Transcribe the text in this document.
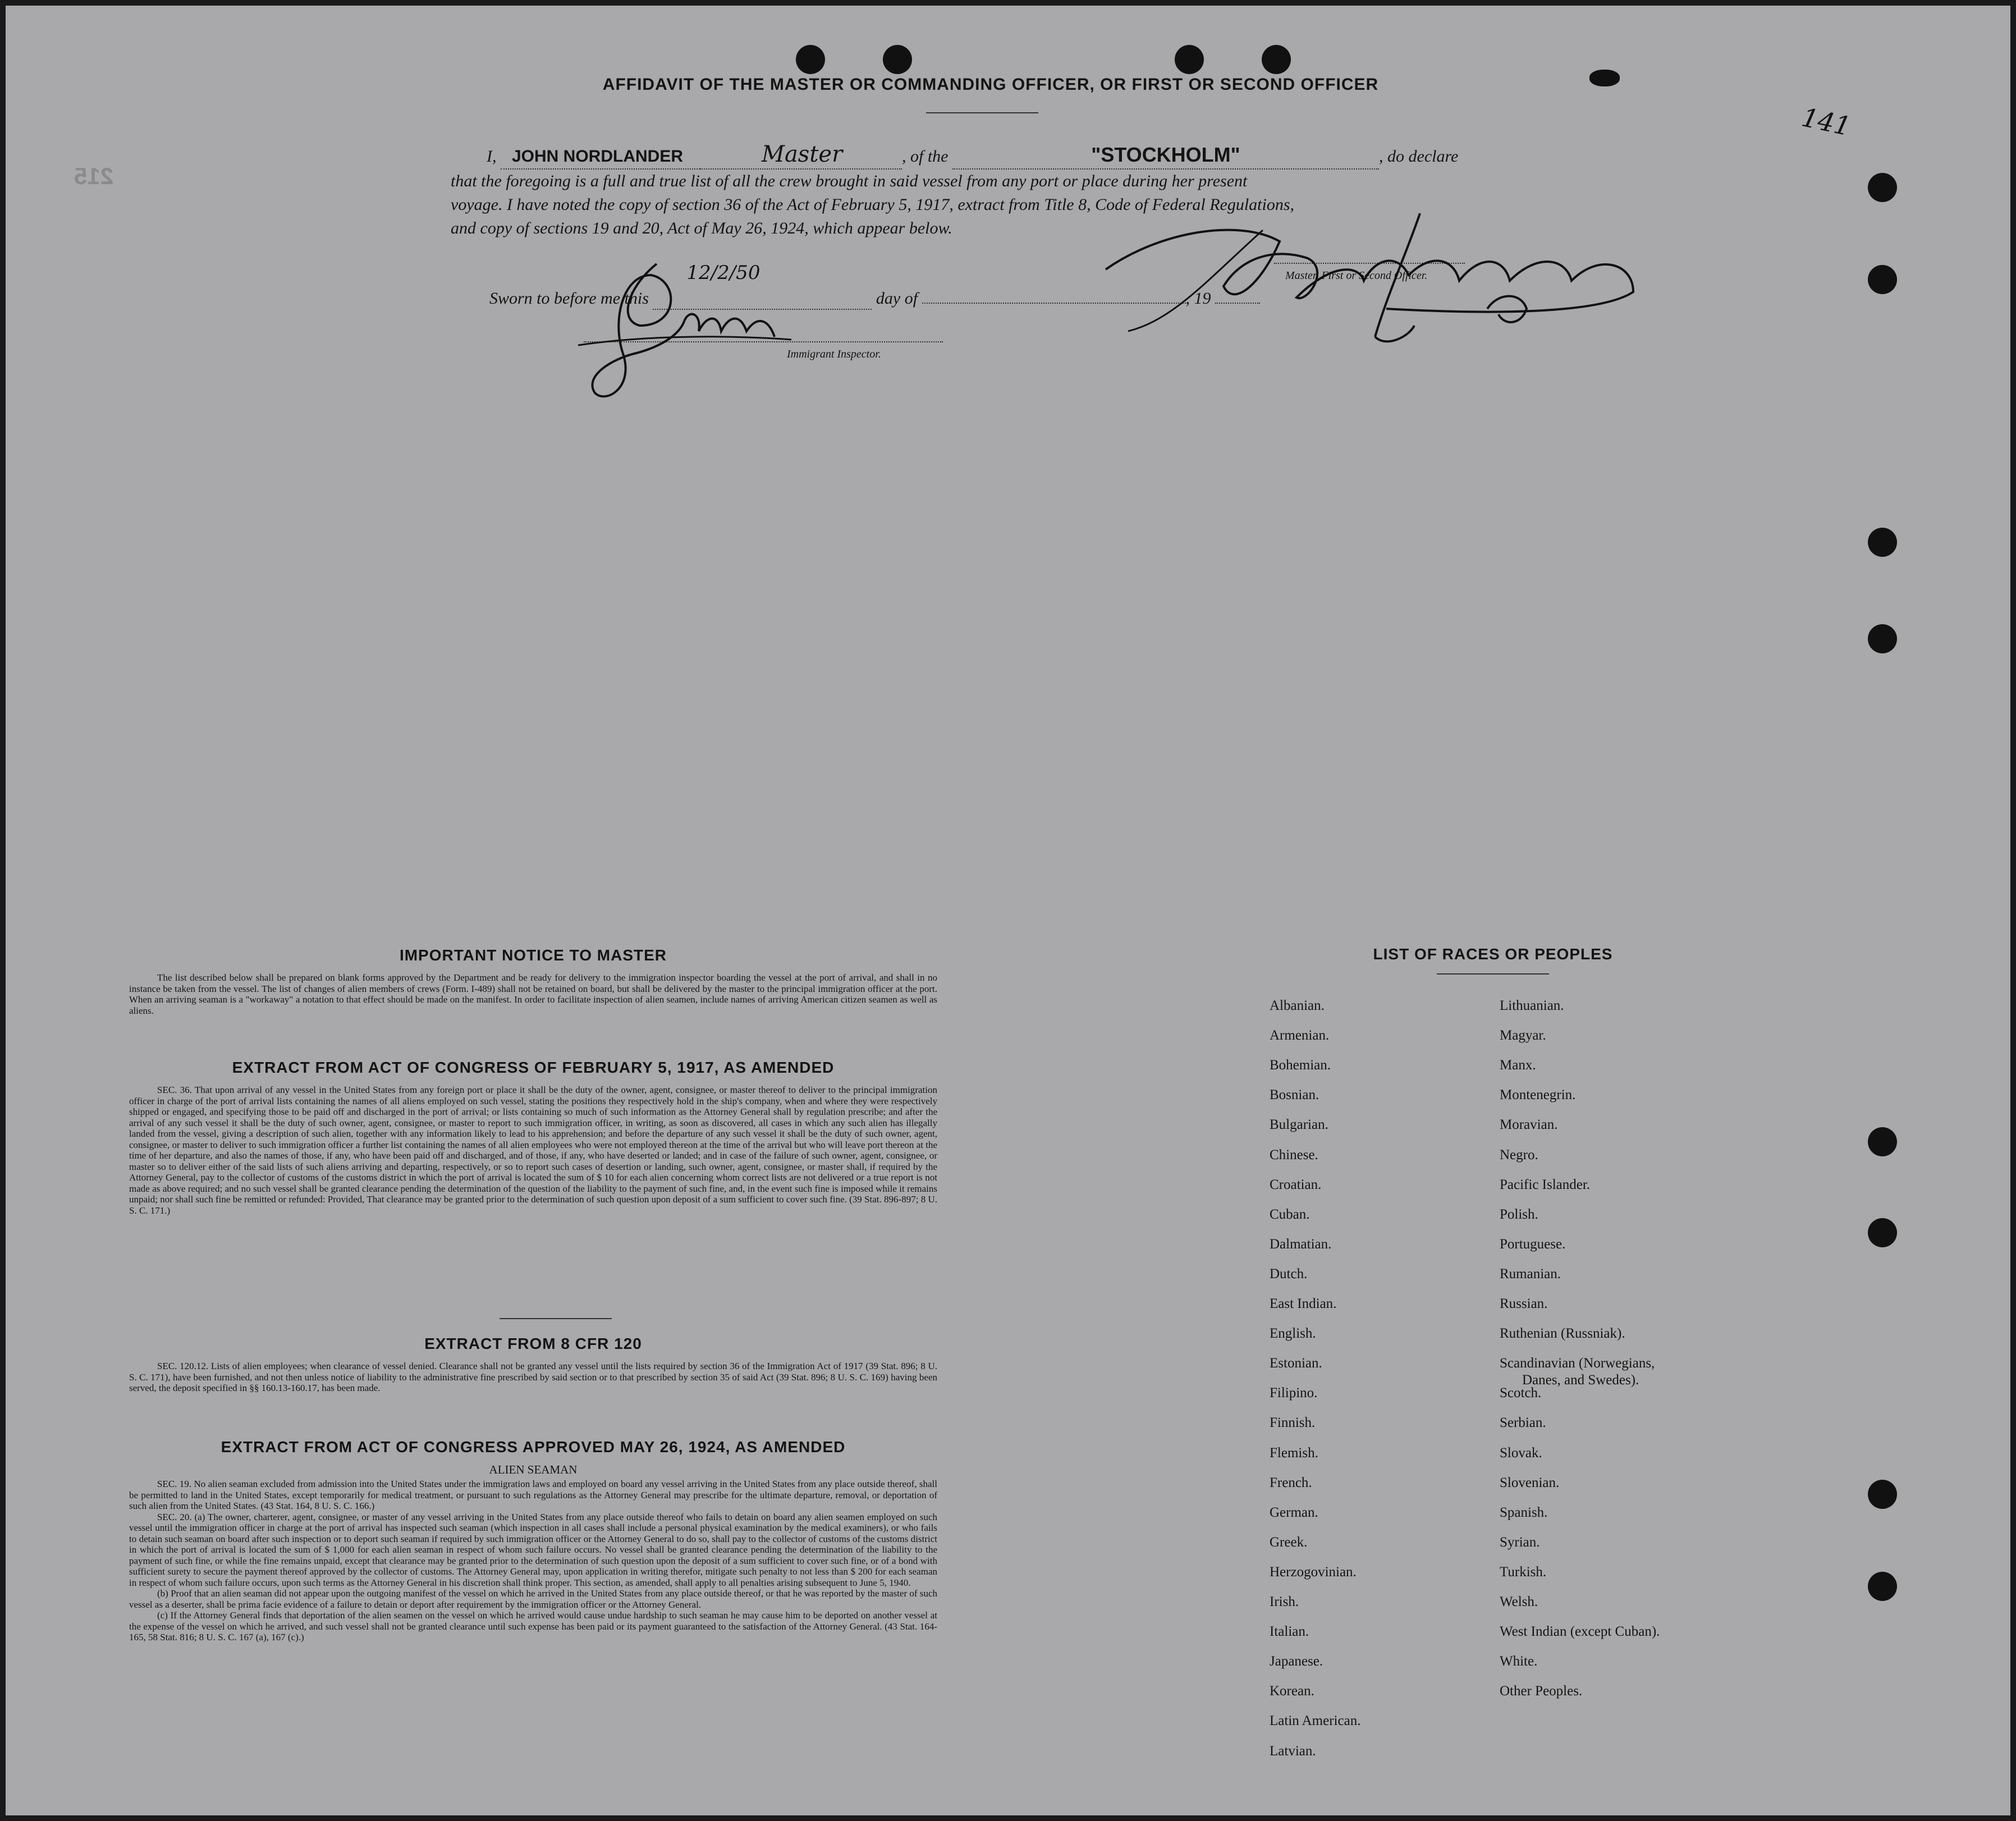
215
141
AFFIDAVIT OF THE MASTER OR COMMANDING OFFICER, OR FIRST OR SECOND OFFICER
I, JOHN NORDLANDER	Master	, of the	"STOCKHOLM"	, do declare
that the foregoing is a full and true list of all the crew brought in said vessel from any port or place during her present
voyage. I have noted the copy of section 36 of the Act of February 5, 1917, extract from Title 8, Code of Federal Regulations,
and copy of sections 19 and 20, Act of May 26, 1924, which appear below.
Sworn to before me this 12/2/50 day of	, 19
Master, First or Second Officer.
Immigrant Inspector.
IMPORTANT NOTICE TO MASTER
The list described below shall be prepared on blank forms approved by the Department and be ready for delivery to the immigration inspector boarding the vessel at the port of arrival, and shall in no instance be taken from the vessel. The list of changes of alien members of crews (Form. I-489) shall not be retained on board, but shall be delivered by the master to the principal immigration officer at the port. When an arriving seaman is a "workaway" a notation to that effect should be made on the manifest. In order to facilitate inspection of alien seamen, include names of arriving American citizen seamen as well as aliens.
EXTRACT FROM ACT OF CONGRESS OF FEBRUARY 5, 1917, AS AMENDED
SEC. 36. That upon arrival of any vessel in the United States from any foreign port or place it shall be the duty of the owner, agent, consignee, or master thereof to deliver to the principal immigration officer in charge of the port of arrival lists containing the names of all aliens employed on such vessel, stating the positions they respectively hold in the ship's company, when and where they were respectively shipped or engaged, and specifying those to be paid off and discharged in the port of arrival; or lists containing so much of such information as the Attorney General shall by regulation prescribe; and after the arrival of any such vessel it shall be the duty of such owner, agent, consignee, or master to report to such immigration officer, in writing, as soon as discovered, all cases in which any such alien has illegally landed from the vessel, giving a description of such alien, together with any information likely to lead to his apprehension; and before the departure of any such vessel it shall be the duty of such owner, agent, consignee, or master to deliver to such immigration officer a further list containing the names of all alien employees who were not employed thereon at the time of the arrival but who will leave port thereon at the time of her departure, and also the names of those, if any, who have been paid off and discharged, and of those, if any, who have deserted or landed; and in case of the failure of such owner, agent, consignee, or master so to deliver either of the said lists of such aliens arriving and departing, respectively, or so to report such cases of desertion or landing, such owner, agent, consignee, or master shall, if required by the Attorney General, pay to the collector of customs of the customs district in which the port of arrival is located the sum of $ 10 for each alien concerning whom correct lists are not delivered or a true report is not made as above required; and no such vessel shall be granted clearance pending the determination of the question of the liability to the payment of such fine, and, in the event such fine is imposed while it remains unpaid; nor shall such fine be remitted or refunded: Provided, That clearance may be granted prior to the determination of such question upon deposit of a sum sufficient to cover such fine. (39 Stat. 896-897; 8 U. S. C. 171.)
EXTRACT FROM 8 CFR 120
SEC. 120.12. Lists of alien employees; when clearance of vessel denied. Clearance shall not be granted any vessel until the lists required by section 36 of the Immigration Act of 1917 (39 Stat. 896; 8 U. S. C. 171), have been furnished, and not then unless notice of liability to the administrative fine prescribed by said section or to that prescribed by section 35 of said Act (39 Stat. 896; 8 U. S. C. 169) having been served, the deposit specified in §§ 160.13-160.17, has been made.
EXTRACT FROM ACT OF CONGRESS APPROVED MAY 26, 1924, AS AMENDED
ALIEN SEAMAN
SEC. 19. No alien seaman excluded from admission into the United States under the immigration laws and employed on board any vessel arriving in the United States from any place outside thereof, shall be permitted to land in the United States, except temporarily for medical treatment, or pursuant to such regulations as the Attorney General may prescribe for the ultimate departure, removal, or deportation of such alien from the United States. (43 Stat. 164, 8 U. S. C. 166.)
SEC. 20. (a) The owner, charterer, agent, consignee, or master of any vessel arriving in the United States from any place outside thereof who fails to detain on board any alien seamen employed on such vessel until the immigration officer in charge at the port of arrival has inspected such seaman (which inspection in all cases shall include a personal physical examination by the medical examiners), or who fails to detain such seaman on board after such inspection or to deport such seaman if required by such immigration officer or the Attorney General to do so, shall pay to the collector of customs of the customs district in which the port of arrival is located the sum of $ 1,000 for each alien seaman in respect of whom such failure occurs. No vessel shall be granted clearance pending the determination of the liability to the payment of such fine, or while the fine remains unpaid, except that clearance may be granted prior to the determination of such question upon the deposit of a sum sufficient to cover such fine, or of a bond with sufficient surety to secure the payment thereof approved by the collector of customs. The Attorney General may, upon application in writing therefor, mitigate such penalty to not less than $ 200 for each seaman in respect of whom such failure occurs, upon such terms as the Attorney General in his discretion shall think proper. This section, as amended, shall apply to all penalties arising subsequent to June 5, 1940.
(b) Proof that an alien seaman did not appear upon the outgoing manifest of the vessel on which he arrived in the United States from any place outside thereof, or that he was reported by the master of such vessel as a deserter, shall be prima facie evidence of a failure to detain or deport after requirement by the immigration officer or the Attorney General.
(c) If the Attorney General finds that deportation of the alien seamen on the vessel on which he arrived would cause undue hardship to such seaman he may cause him to be deported on another vessel at the expense of the vessel on which he arrived, and such vessel shall not be granted clearance until such expense has been paid or its payment guaranteed to the satisfaction of the Attorney General. (43 Stat. 164-165, 58 Stat. 816; 8 U. S. C. 167 (a), 167 (c).)
LIST OF RACES OR PEOPLES
Albanian.
Armenian.
Bohemian.
Bosnian.
Bulgarian.
Chinese.
Croatian.
Cuban.
Dalmatian.
Dutch.
East Indian.
English.
Estonian.
Filipino.
Finnish.
Flemish.
French.
German.
Greek.
Herzogovinian.
Irish.
Italian.
Japanese.
Korean.
Latin American.
Latvian.
Lithuanian.
Magyar.
Manx.
Montenegrin.
Moravian.
Negro.
Pacific Islander.
Polish.
Portuguese.
Rumanian.
Russian.
Ruthenian (Russniak).
Scandinavian (Norwegians,
Danes, and Swedes).
Scotch.
Serbian.
Slovak.
Slovenian.
Spanish.
Syrian.
Turkish.
Welsh.
West Indian (except Cuban).
White.
Other Peoples.
